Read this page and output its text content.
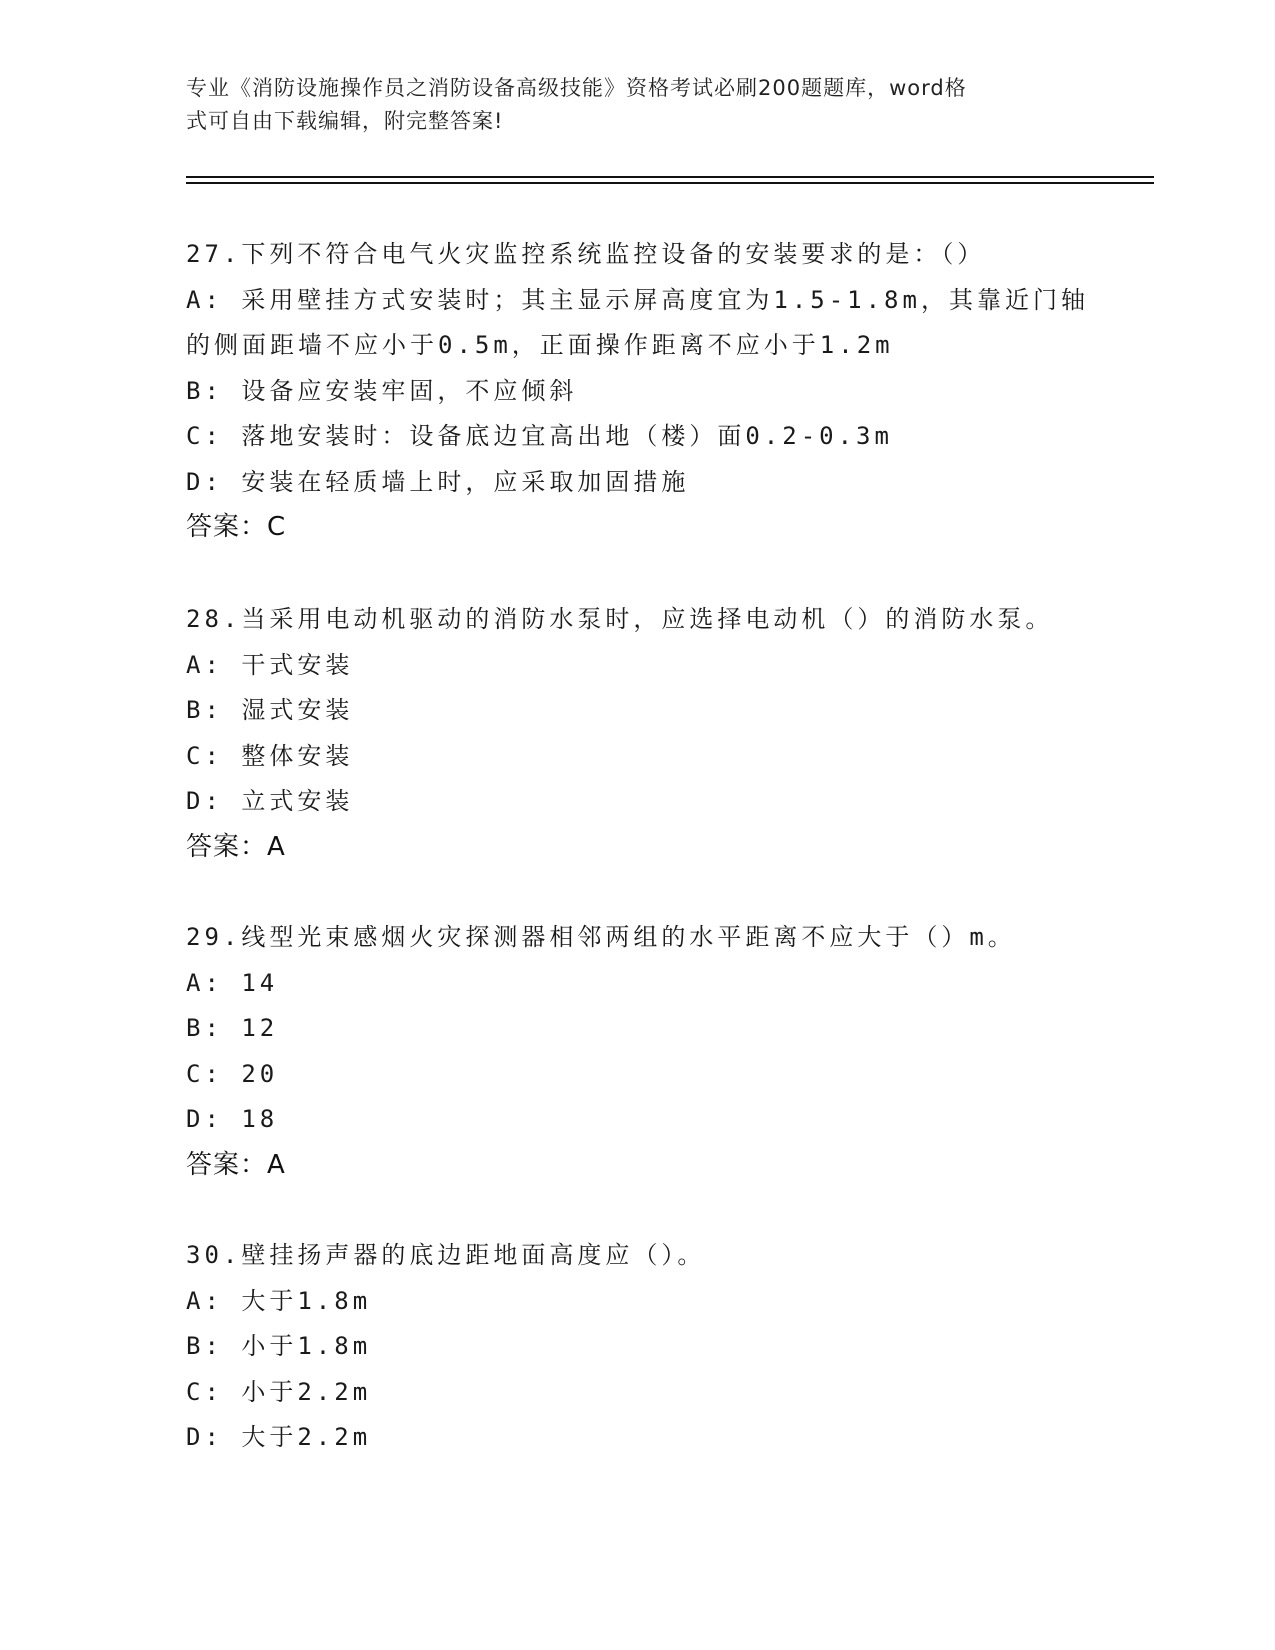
专业《消防设施操作员之消防设备高级技能》资格考试必刷200题题库，word格
式可自由下载编辑，附完整答案!
27.下列不符合电气火灾监控系统监控设备的安装要求的是：（）
A: 采用壁挂方式安装时；其主显示屏高度宜为1.5-1.8m，其靠近门轴
的侧面距墙不应小于0.5m，正面操作距离不应小于1.2m
B: 设备应安装牢固，不应倾斜
C: 落地安装时：设备底边宜高出地（楼）面0.2-0.3m
D: 安装在轻质墙上时，应采取加固措施
答案：C
28.当采用电动机驱动的消防水泵时，应选择电动机（）的消防水泵。
A: 干式安装
B: 湿式安装
C: 整体安装
D: 立式安装
答案：A
29.线型光束感烟火灾探测器相邻两组的水平距离不应大于（）m。
A: 14
B: 12
C: 20
D: 18
答案：A
30.壁挂扬声器的底边距地面高度应（）。
A: 大于1.8m
B: 小于1.8m
C: 小于2.2m
D: 大于2.2m
